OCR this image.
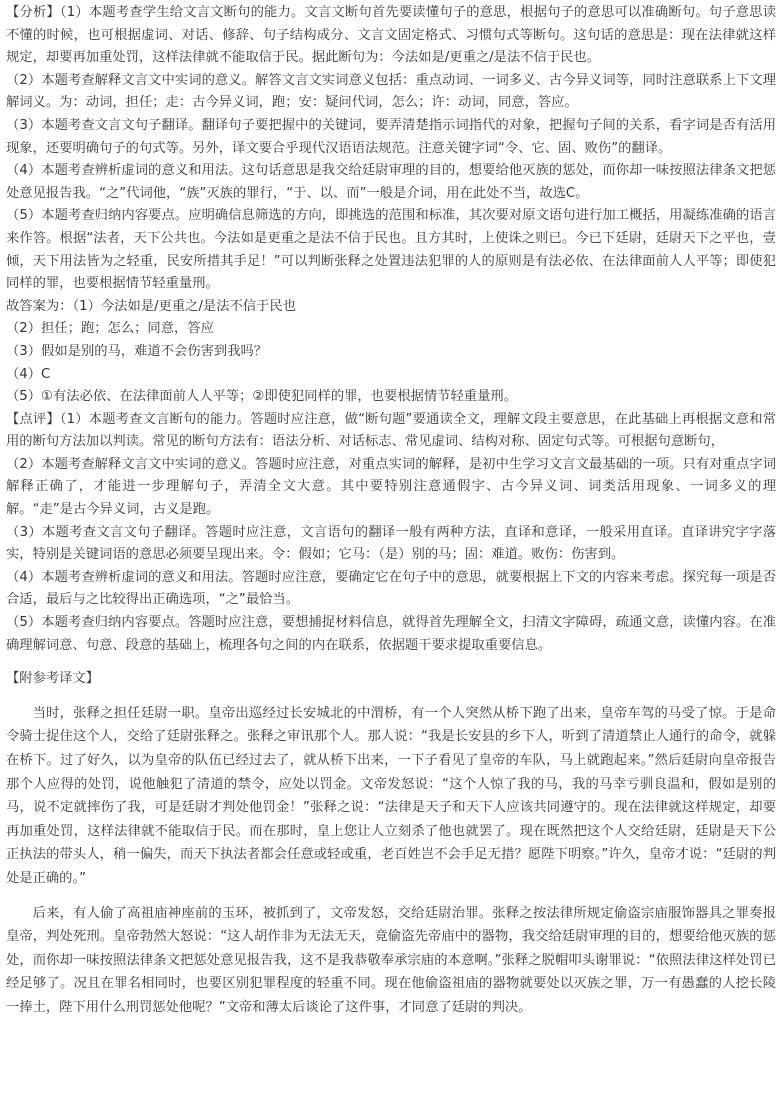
【分析】（1）本题考查学生给文言文断句的能力。文言文断句首先要读懂句子的意思，根据句子的意思可以准确断句。句子意思读不懂的时候，也可根据虚词、对话、修辞、句子结构成分、文言文固定格式、习惯句式等断句。这句话的意思是：现在法律就这样规定，却要再加重处罚，这样法律就不能取信于民。据此断句为：今法如是/更重之/是法不信于民也。

（2）本题考查解释文言文中实词的意义。解答文言文实词意义包括：重点动词、一词多义、古今异义词等，同时注意联系上下文理解词义。为：动词，担任；走：古今异义词，跑；安：疑问代词，怎么；许：动词，同意，答应。

（3）本题考查文言文句子翻译。翻译句子要把握中的关键词，要弄清楚指示词指代的对象，把握句子间的关系，看字词是否有活用现象，还要明确句子的句式等。另外，译文要合乎现代汉语语法规范。注意关键字词“令、它、固、败伤”的翻译。

（4）本题考查辨析虚词的意义和用法。这句话意思是我交给廷尉审理的目的，想要给他灭族的惩处，而你却一味按照法律条文把惩处意见报告我。“之”代词他，“族”灭族的罪行，“于、以、而”一般是介词，用在此处不当，故选C。

（5）本题考查归纳内容要点。应明确信息筛选的方向，即挑选的范围和标准，其次要对原文语句进行加工概括，用凝练准确的语言来作答。根据“法者，天下公共也。今法如是更重之是法不信于民也。且方其时，上使诛之则已。今已下廷尉，廷尉天下之平也，壹倾，天下用法皆为之轻重，民安所措其手足！”可以判断张释之处置违法犯罪的人的原则是有法必依、在法律面前人人平等；即使犯同样的罪，也要根据情节轻重量刑。

故答案为：（1）今法如是/更重之/是法不信于民也

（2）担任；跑；怎么；同意，答应

（3）假如是别的马，难道不会伤害到我吗？

（4）C

（5）①有法必依、在法律面前人人平等；②即使犯同样的罪，也要根据情节轻重量刑。

【点评】（1）本题考查文言断句的能力。答题时应注意，做“断句题”要通读全文，理解文段主要意思，在此基础上再根据文意和常用的断句方法加以判读。常见的断句方法有：语法分析、对话标志、常见虚词、结构对称、固定句式等。可根据句意断句，

（2）本题考查解释文言文中实词的意义。答题时应注意，对重点实词的解释，是初中生学习文言文最基础的一项。只有对重点字词解释正确了，才能进一步理解句子，弄清全文大意。其中要特别注意通假字、古今异义词、词类活用现象、一词多义的理解。“走”是古今异义词，古义是跑。

（3）本题考查文言文句子翻译。答题时应注意，文言语句的翻译一般有两种方法，直译和意译，一般采用直译。直译讲究字字落实，特别是关键词语的意思必须要呈现出来。令：假如；它马：（是）别的马；固：难道。败伤：伤害到。

（4）本题考查辨析虚词的意义和用法。答题时应注意，要确定它在句子中的意思，就要根据上下文的内容来考虑。探究每一项是否合适，最后与之比较得出正确选项，“之”最恰当。

（5）本题考查归纳内容要点。答题时应注意，要想捕捉材料信息，就得首先理解全文，扫清文字障碍，疏通文意，读懂内容。在准确理解词意、句意、段意的基础上，梳理各句之间的内在联系，依据题干要求提取重要信息。

【附参考译文】

当时，张释之担任廷尉一职。皇帝出巡经过长安城北的中渭桥，有一个人突然从桥下跑了出来，皇帝车驾的马受了惊。于是命令骑士捉住这个人，交给了廷尉张释之。张释之审讯那个人。那人说：“我是长安县的乡下人，听到了清道禁止人通行的命令，就躲在桥下。过了好久，以为皇帝的队伍已经过去了，就从桥下出来，一下子看见了皇帝的车队，马上就跑起来。”然后廷尉向皇帝报告那个人应得的处罚，说他触犯了清道的禁令，应处以罚金。文帝发怒说：“这个人惊了我的马，我的马幸亏驯良温和，假如是别的马，说不定就摔伤了我，可是廷尉才判处他罚金！”张释之说：“法律是天子和天下人应该共同遵守的。现在法律就这样规定，却要再加重处罚，这样法律就不能取信于民。而在那时，皇上您让人立刻杀了他也就罢了。现在既然把这个人交给廷尉，廷尉是天下公正执法的带头人，稍一偏失，而天下执法者都会任意或轻或重，老百姓岂不会手足无措？愿陛下明察。”许久，皇帝才说：“廷尉的判处是正确的。”

后来，有人偷了高祖庙神座前的玉环，被抓到了，文帝发怒，交给廷尉治罪。张释之按法律所规定偷盗宗庙服饰器具之罪奏报皇帝，判处死刑。皇帝勃然大怒说：“这人胡作非为无法无天，竟偷盗先帝庙中的器物，我交给廷尉审理的目的，想要给他灭族的惩处，而你却一味按照法律条文把惩处意见报告我，这不是我恭敬奉承宗庙的本意啊。”张释之脱帽叩头谢罪说：“依照法律这样处罚已经足够了。况且在罪名相同时，也要区别犯罪程度的轻重不同。现在他偷盗祖庙的器物就要处以灭族之罪，万一有愚蠢的人挖长陵一捧土，陛下用什么刑罚惩处他呢？”文帝和薄太后谈论了这件事，才同意了廷尉的判决。
